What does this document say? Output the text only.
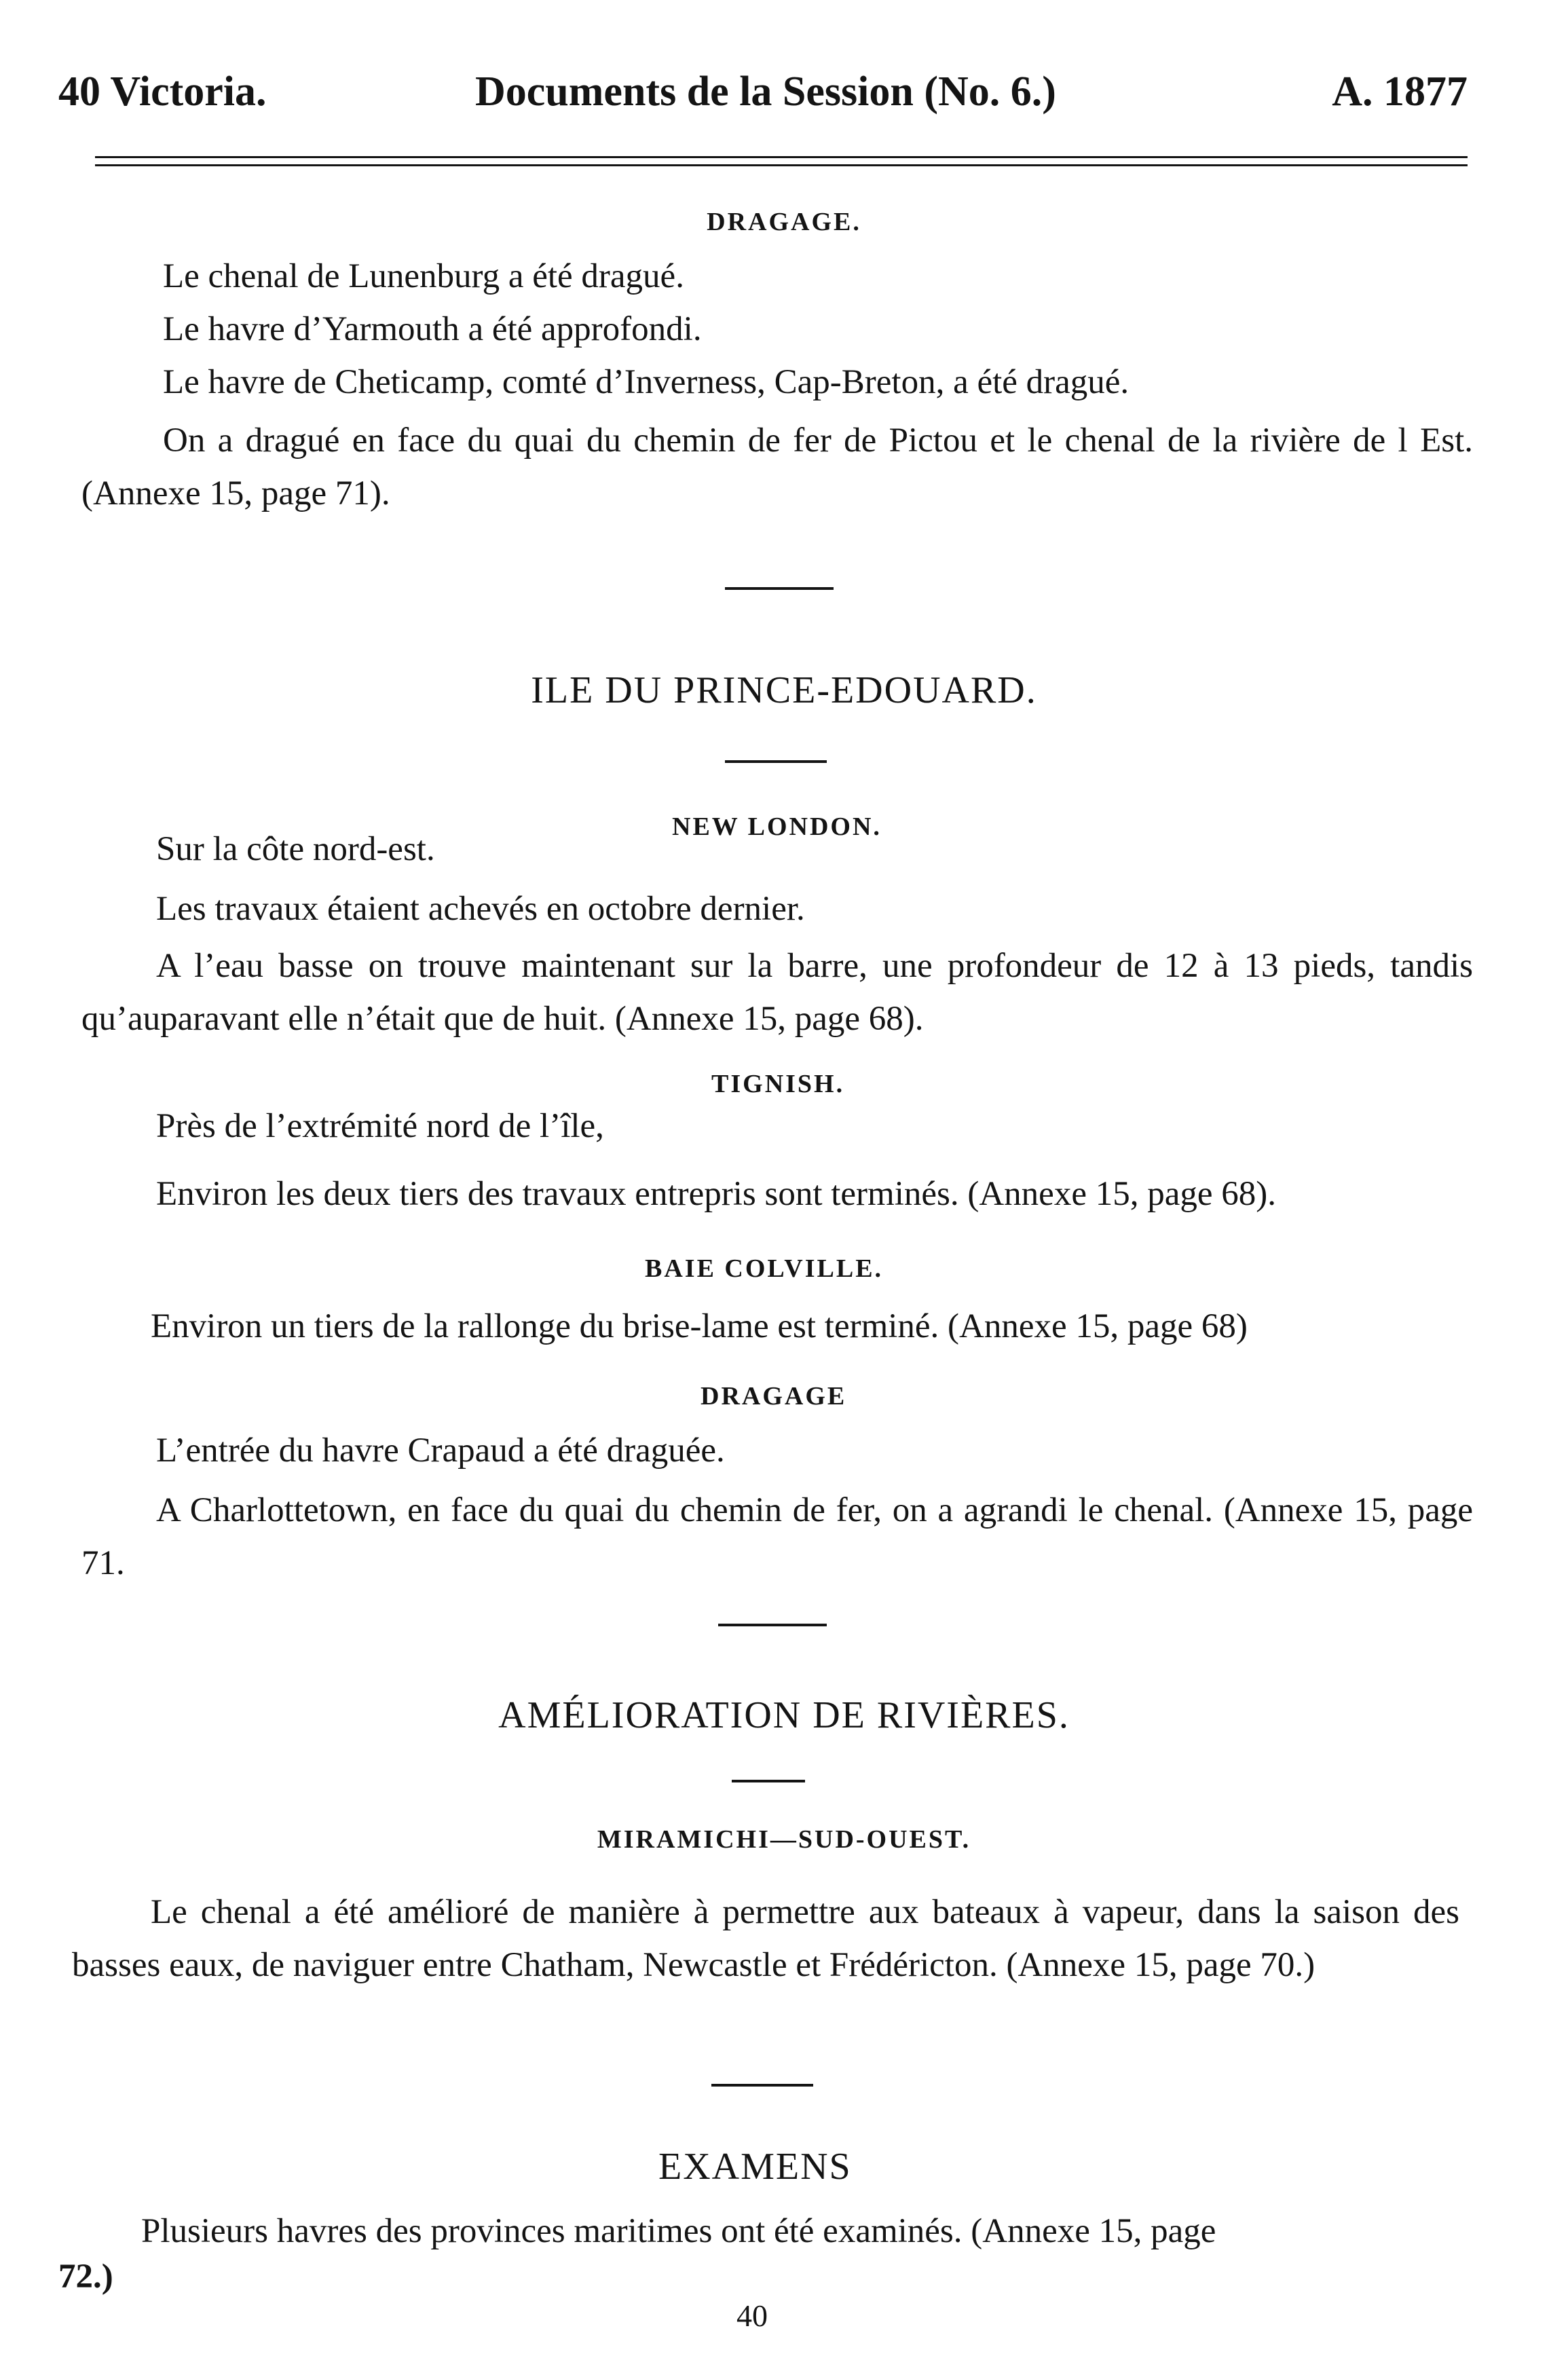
40 Victoria.	Documents de la Session (No. 6.)	A. 1877
DRAGAGE.
Le chenal de Lunenburg a été dragué.
Le havre d’Yarmouth a été approfondi.
Le havre de Cheticamp, comté d’Inverness, Cap-Breton, a été dragué.
On a dragué en face du quai du chemin de fer de Pictou et le chenal de la rivière de l Est. (Annexe 15, page 71).
ILE DU PRINCE-EDOUARD.
NEW LONDON.
Sur la côte nord-est.
Les travaux étaient achevés en octobre dernier.
A l’eau basse on trouve maintenant sur la barre, une profondeur de 12 à 13 pieds, tandis qu’auparavant elle n’était que de huit. (Annexe 15, page 68).
TIGNISH.
Près de l’extrémité nord de l’île,
Environ les deux tiers des travaux entrepris sont terminés. (Annexe 15, page 68).
BAIE COLVILLE.
Environ un tiers de la rallonge du brise-lame est terminé. (Annexe 15, page 68)
DRAGAGE
L’entrée du havre Crapaud a été draguée.
A Charlottetown, en face du quai du chemin de fer, on a agrandi le chenal. (Annexe 15, page 71.
AMÉLIORATION DE RIVIÈRES.
MIRAMICHI—SUD-OUEST.
Le chenal a été amélioré de manière à permettre aux bateaux à vapeur, dans la saison des basses eaux, de naviguer entre Chatham, Newcastle et Frédéricton. (Annexe 15, page 70.)
EXAMENS
Plusieurs havres des provinces maritimes ont été examinés. (Annexe 15, page
72.)
40
